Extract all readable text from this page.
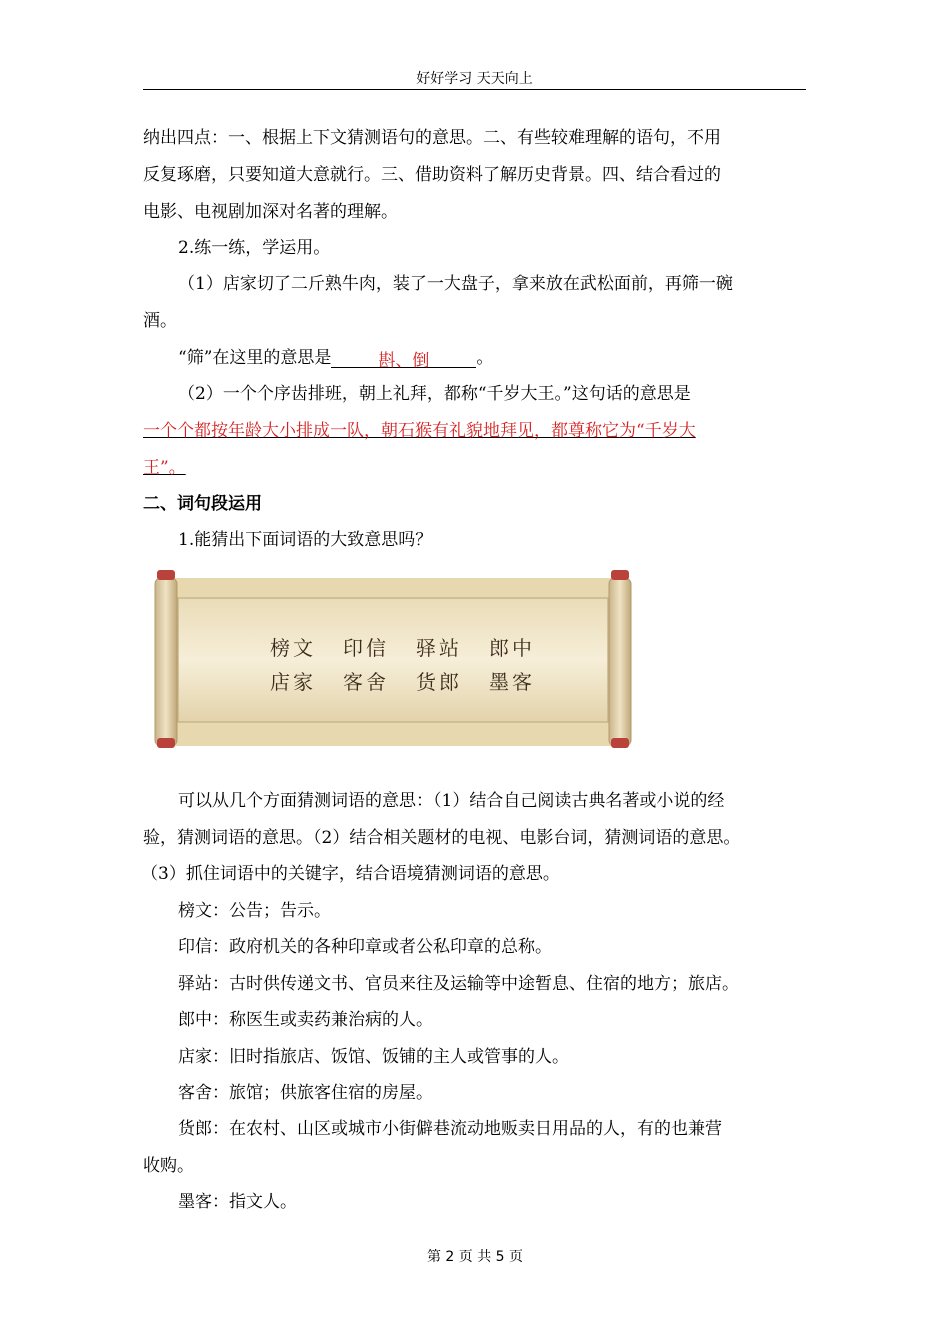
好好学习 天天向上
纳出四点：一、根据上下文猜测语句的意思。二、有些较难理解的语句，不用
反复琢磨，只要知道大意就行。三、借助资料了解历史背景。四、结合看过的
电影、电视剧加深对名著的理解。
2.练一练，学运用。
（1）店家切了二斤熟牛肉，装了一大盘子，拿来放在武松面前，再筛一碗
酒。
“筛”在这里的意思是	斟、倒	。
（2）一个个序齿排班，朝上礼拜，都称“千岁大王。”这句话的意思是
一个个都按年龄大小排成一队，朝石猴有礼貌地拜见，都尊称它为“千岁大
王”。
二、词句段运用
1.能猜出下面词语的大致意思吗？
榜文 印信 驿站 郎中
店家 客舍 货郎 墨客
可以从几个方面猜测词语的意思：（1）结合自己阅读古典名著或小说的经
验，猜测词语的意思。（2）结合相关题材的电视、电影台词，猜测词语的意思。
（3）抓住词语中的关键字，结合语境猜测词语的意思。
榜文：公告；告示。
印信：政府机关的各种印章或者公私印章的总称。
驿站：古时供传递文书、官员来往及运输等中途暂息、住宿的地方；旅店。
郎中：称医生或卖药兼治病的人。
店家：旧时指旅店、饭馆、饭铺的主人或管事的人。
客舍：旅馆；供旅客住宿的房屋。
货郎：在农村、山区或城市小街僻巷流动地贩卖日用品的人，有的也兼营
收购。
墨客：指文人。
第 2 页 共 5 页
